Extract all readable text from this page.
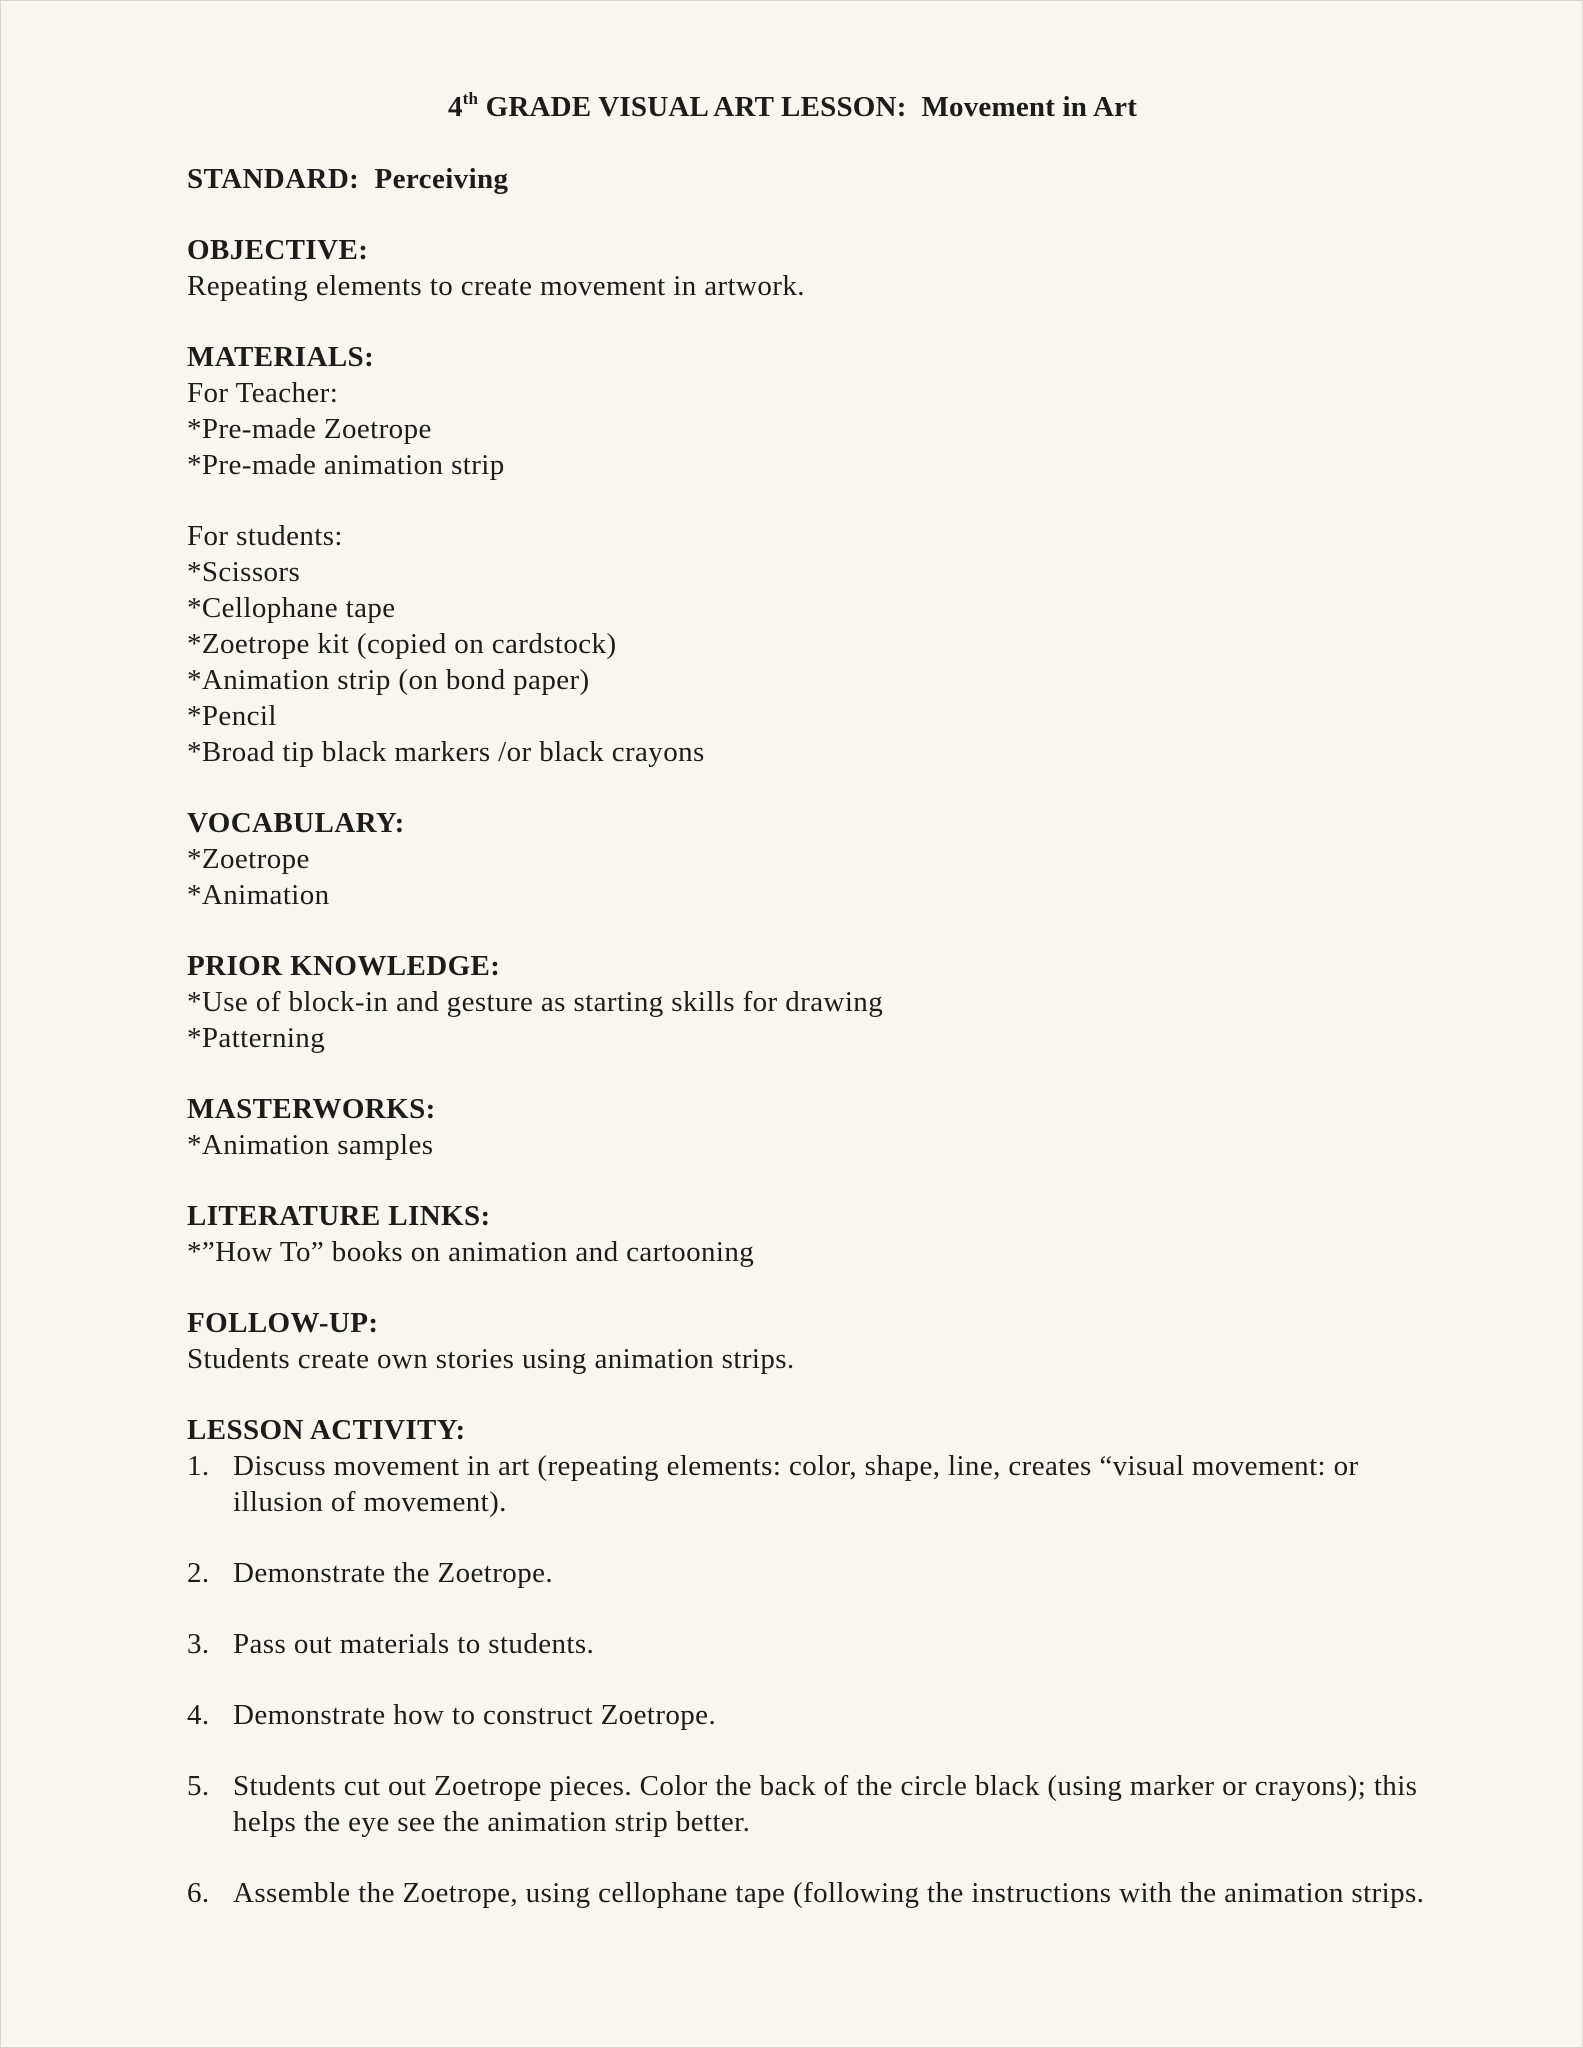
4th GRADE VISUAL ART LESSON:  Movement in Art
STANDARD:  Perceiving
OBJECTIVE:
Repeating elements to create movement in artwork.
MATERIALS:
For Teacher:
*Pre-made Zoetrope
*Pre-made animation strip
For students:
*Scissors
*Cellophane tape
*Zoetrope kit (copied on cardstock)
*Animation strip (on bond paper)
*Pencil
*Broad tip black markers /or black crayons
VOCABULARY:
*Zoetrope
*Animation
PRIOR KNOWLEDGE:
*Use of block-in and gesture as starting skills for drawing
*Patterning
MASTERWORKS:
*Animation samples
LITERATURE LINKS:
*”How To” books on animation and cartooning
FOLLOW-UP:
Students create own stories using animation strips.
LESSON ACTIVITY:
1. Discuss movement in art (repeating elements: color, shape, line, creates “visual movement: or illusion of movement).
2. Demonstrate the Zoetrope.
3. Pass out materials to students.
4. Demonstrate how to construct Zoetrope.
5. Students cut out Zoetrope pieces. Color the back of the circle black (using marker or crayons); this helps the eye see the animation strip better.
6. Assemble the Zoetrope, using cellophane tape (following the instructions with the animation strips.
